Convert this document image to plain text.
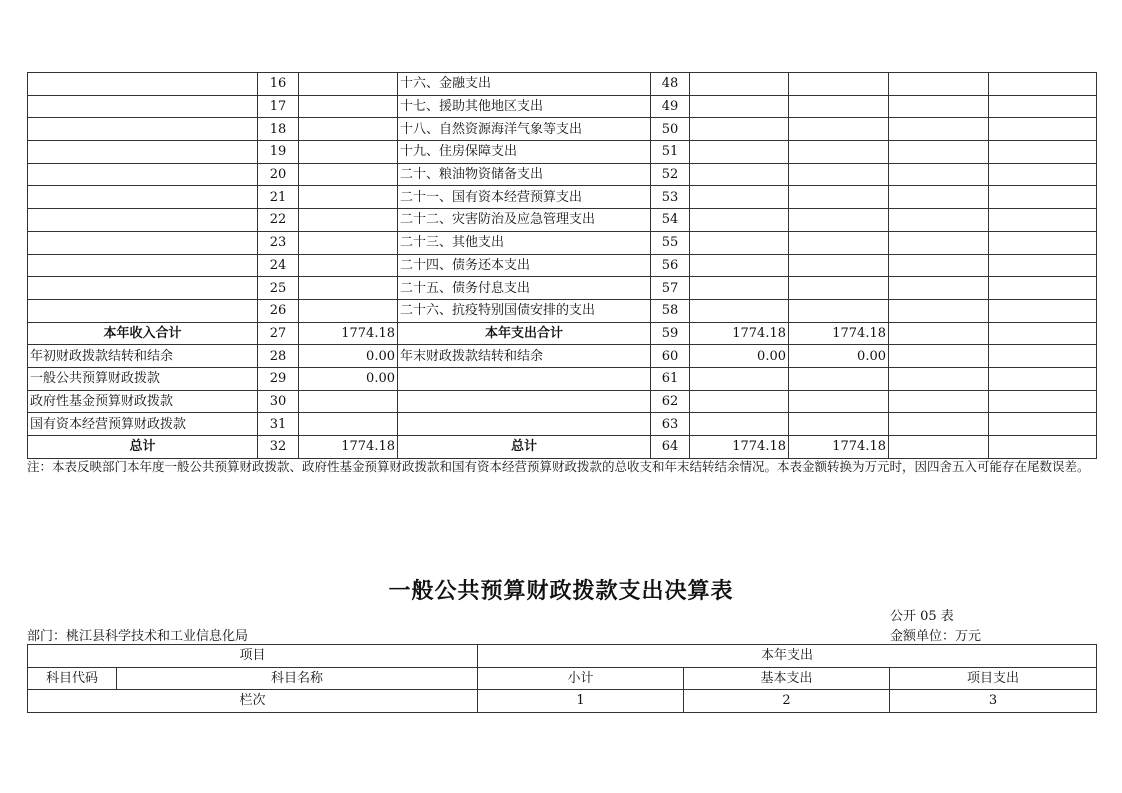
	16		十六、金融支出	48				
	17		十七、援助其他地区支出	49				
	18		十八、自然资源海洋气象等支出	50				
	19		十九、住房保障支出	51				
	20		二十、粮油物资储备支出	52				
	21		二十一、国有资本经营预算支出	53				
	22		二十二、灾害防治及应急管理支出	54				
	23		二十三、其他支出	55				
	24		二十四、债务还本支出	56				
	25		二十五、债务付息支出	57				
	26		二十六、抗疫特别国债安排的支出	58				
本年收入合计	27	1774.18	本年支出合计	59	1774.18	1774.18		
年初财政拨款结转和结余	28	0.00	年末财政拨款结转和结余	60	0.00	0.00		
一般公共预算财政拨款	29	0.00		61				
政府性基金预算财政拨款	30			62				
国有资本经营预算财政拨款	31			63				
总计	32	1774.18	总计	64	1774.18	1774.18		
注：本表反映部门本年度一般公共预算财政拨款、政府性基金预算财政拨款和国有资本经营预算财政拨款的总收支和年末结转结余情况。本表金额转换为万元时，因四舍五入可能存在尾数误差。
一般公共预算财政拨款支出决算表
公开 05 表
部门：桃江县科学技术和工业信息化局	金额单位：万元
项目		本年支出		
科目代码	科目名称	小计	基本支出	项目支出
栏次		1	2	3
